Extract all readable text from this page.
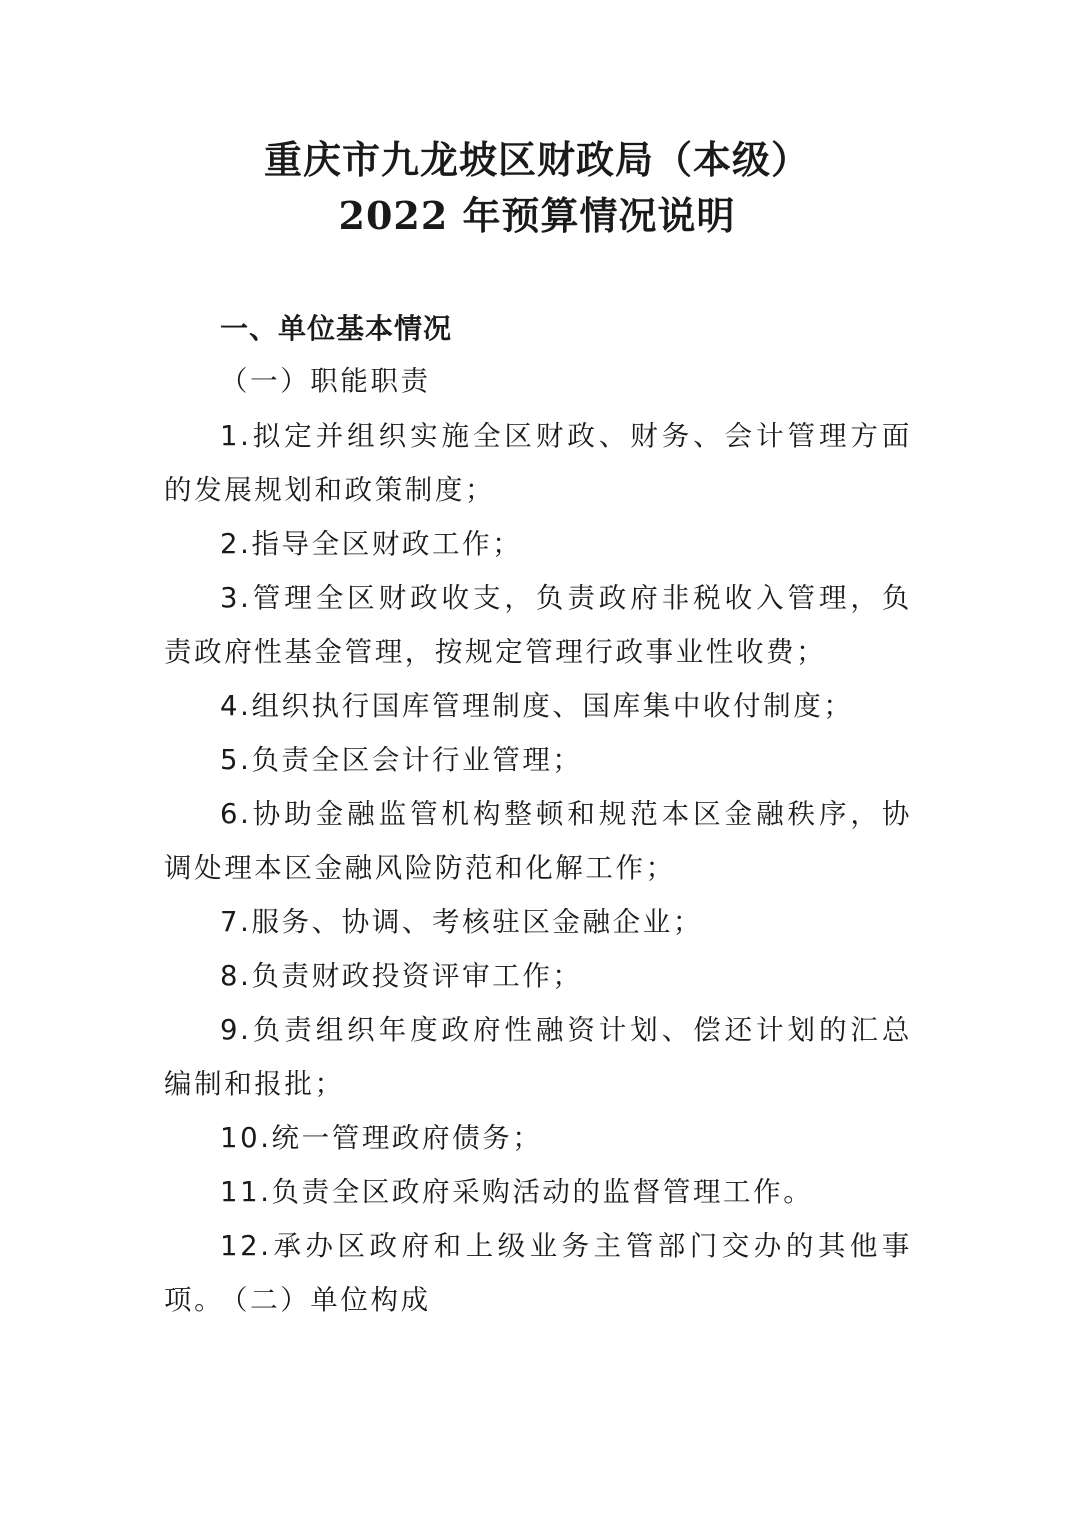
重庆市九龙坡区财政局（本级）
2022 年预算情况说明
一、单位基本情况
（一）职能职责
1.拟定并组织实施全区财政、财务、会计管理方面的发展规划和政策制度；
2.指导全区财政工作；
3.管理全区财政收支，负责政府非税收入管理，负责政府性基金管理，按规定管理行政事业性收费；
4.组织执行国库管理制度、国库集中收付制度；
5.负责全区会计行业管理；
6.协助金融监管机构整顿和规范本区金融秩序，协调处理本区金融风险防范和化解工作；
7.服务、协调、考核驻区金融企业；
8.负责财政投资评审工作；
9.负责组织年度政府性融资计划、偿还计划的汇总编制和报批；
10.统一管理政府债务；
11.负责全区政府采购活动的监督管理工作。
12.承办区政府和上级业务主管部门交办的其他事项。
（二）单位构成
